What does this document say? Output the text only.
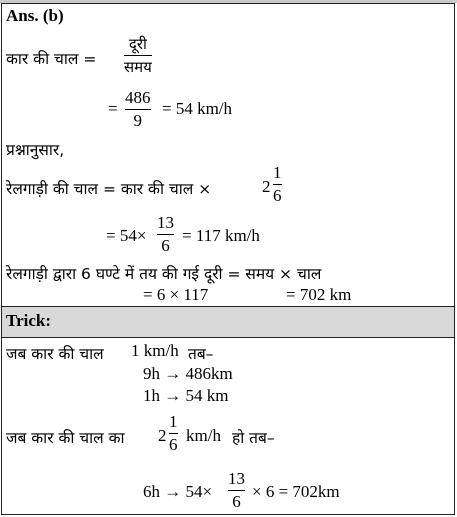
Ans. (b)
कार की चाल =
दूरी
समय
=
486
9
= 54 km/h
प्रश्नानुसार,
रेलगाड़ी की चाल = कार की चाल ×	2
1
6
= 54×
13
6
= 117 km/h
रेलगाड़ी द्वारा 6 घण्टे में तय की गई दूरी = समय × चाल
= 6 × 117	= 702 km
Trick:
जब कार की चाल 1 km/h तब–
9h → 486km
1h → 54 km
जब कार की चाल का 2
1
6 km/h हो तब–
6h → 54×
13
6
× 6 = 702km
